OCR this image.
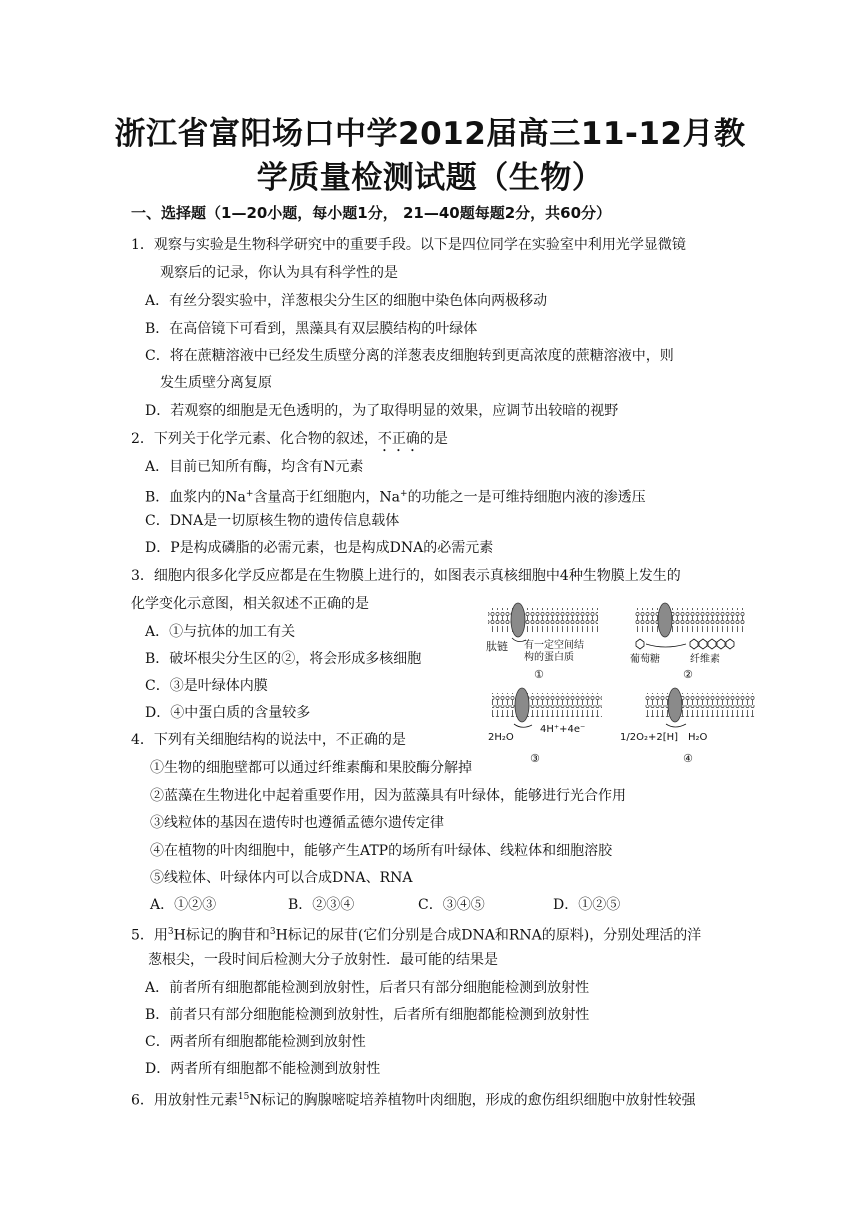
浙江省富阳场口中学2012届高三11-12月教
学质量检测试题（生物）
一、选择题（1—20小题，每小题1分， 21—40题每题2分，共60分）
1．观察与实验是生物科学研究中的重要手段。以下是四位同学在实验室中利用光学显微镜
观察后的记录，你认为具有科学性的是
A．有丝分裂实验中，洋葱根尖分生区的细胞中染色体向两极移动
B．在高倍镜下可看到，黑藻具有双层膜结构的叶绿体
C．将在蔗糖溶液中已经发生质壁分离的洋葱表皮细胞转到更高浓度的蔗糖溶液中，则
发生质壁分离复原
D．若观察的细胞是无色透明的，为了取得明显的效果，应调节出较暗的视野
2．下列关于化学元素、化合物的叙述，不正确的是
A．目前已知所有酶，均含有N元素
B．血浆内的Na+含量高于红细胞内，Na+的功能之一是可维持细胞内液的渗透压
C．DNA是一切原核生物的遗传信息载体
D．P是构成磷脂的必需元素，也是构成DNA的必需元素
3．细胞内很多化学反应都是在生物膜上进行的，如图表示真核细胞中4种生物膜上发生的
化学变化示意图，相关叙述不正确的是
A．①与抗体的加工有关
B．破坏根尖分生区的②，将会形成多核细胞
C．③是叶绿体内膜
D．④中蛋白质的含量较多
肽链 有一定空间结
构的蛋白质
①
葡萄糖	纤维素
②
2H₂O
4H⁺+4e⁻
③
1/2O₂+2[H] H₂O
④
4．下列有关细胞结构的说法中，不正确的是
①生物的细胞壁都可以通过纤维素酶和果胶酶分解掉
②蓝藻在生物进化中起着重要作用，因为蓝藻具有叶绿体，能够进行光合作用
③线粒体的基因在遗传时也遵循孟德尔遗传定律
④在植物的叶肉细胞中，能够产生ATP的场所有叶绿体、线粒体和细胞溶胶
⑤线粒体、叶绿体内可以合成DNA、RNA
A．①②③	B．②③④	C．③④⑤	D．①②⑤
5．用$^3$H标记的胸苷和$^3$H标记的尿苷(它们分别是合成DNA和RNA的原料)，分别处理活的洋
葱根尖，一段时间后检测大分子放射性．最可能的结果是
A．前者所有细胞都能检测到放射性，后者只有部分细胞能检测到放射性
B．前者只有部分细胞能检测到放射性，后者所有细胞都能检测到放射性
C．两者所有细胞都能检测到放射性
D．两者所有细胞都不能检测到放射性
6．用放射性元素$^{15}$N标记的胸腺嘧啶培养植物叶肉细胞，形成的愈伤组织细胞中放射性较强
